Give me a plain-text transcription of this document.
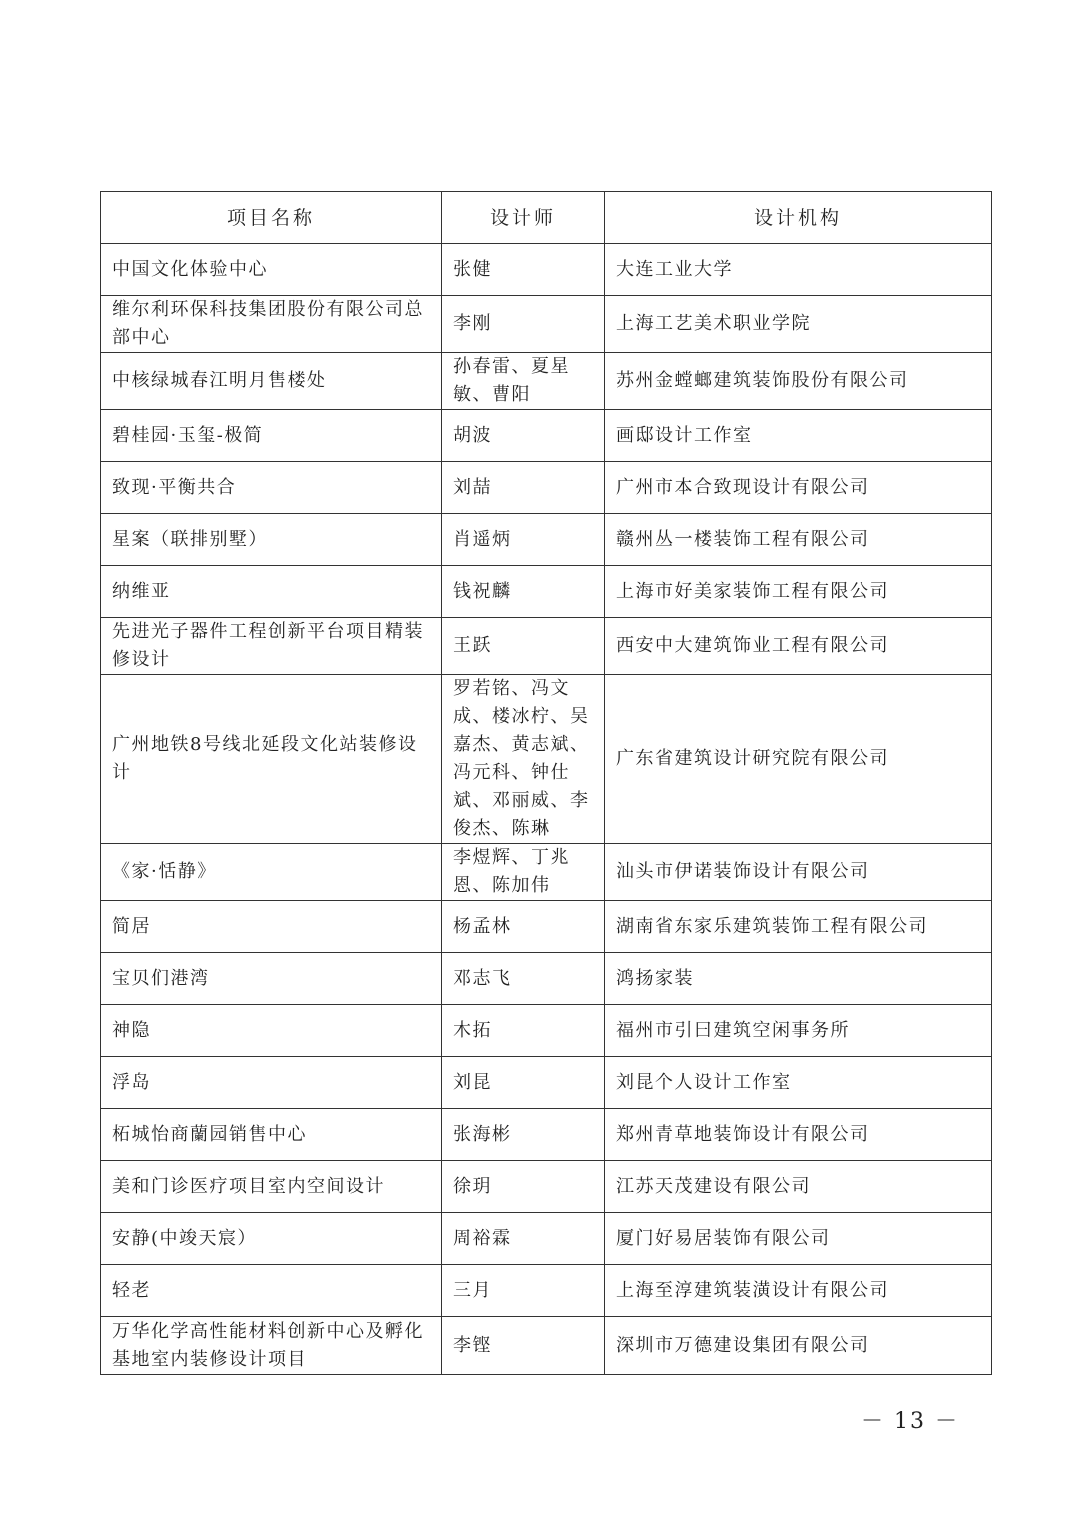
项目名称	设计师	设计机构
中国文化体验中心	张健	大连工业大学
维尔利环保科技集团股份有限公司总部中心	李刚	上海工艺美术职业学院
中核绿城春江明月售楼处	孙春雷、夏星敏、曹阳	苏州金螳螂建筑装饰股份有限公司
碧桂园·玉玺-极简	胡波	画邸设计工作室
致现·平衡共合	刘喆	广州市本合致现设计有限公司
星案（联排别墅）	肖遥炳	赣州丛一楼装饰工程有限公司
纳维亚	钱祝麟	上海市好美家装饰工程有限公司
先进光子器件工程创新平台项目精装修设计	王跃	西安中大建筑饰业工程有限公司
广州地铁8号线北延段文化站装修设计	罗若铭、冯文成、楼冰柠、吴嘉杰、黄志斌、冯元科、钟仕斌、邓丽威、李俊杰、陈琳	广东省建筑设计研究院有限公司
《家·恬静》	李煜辉、丁兆恩、陈加伟	汕头市伊诺装饰设计有限公司
简居	杨孟林	湖南省东家乐建筑装饰工程有限公司
宝贝们港湾	邓志飞	鸿扬家装
神隐	木拓	福州市引曰建筑空闲事务所
浮岛	刘昆	刘昆个人设计工作室
柘城怡商蘭园销售中心	张海彬	郑州青草地装饰设计有限公司
美和门诊医疗项目室内空间设计	徐玥	江苏天茂建设有限公司
安静(中竣天宸）	周裕霖	厦门好易居装饰有限公司
轻老	三月	上海至淳建筑装潢设计有限公司
万华化学高性能材料创新中心及孵化基地室内装修设计项目	李铿	深圳市万德建设集团有限公司
－ 13 －
